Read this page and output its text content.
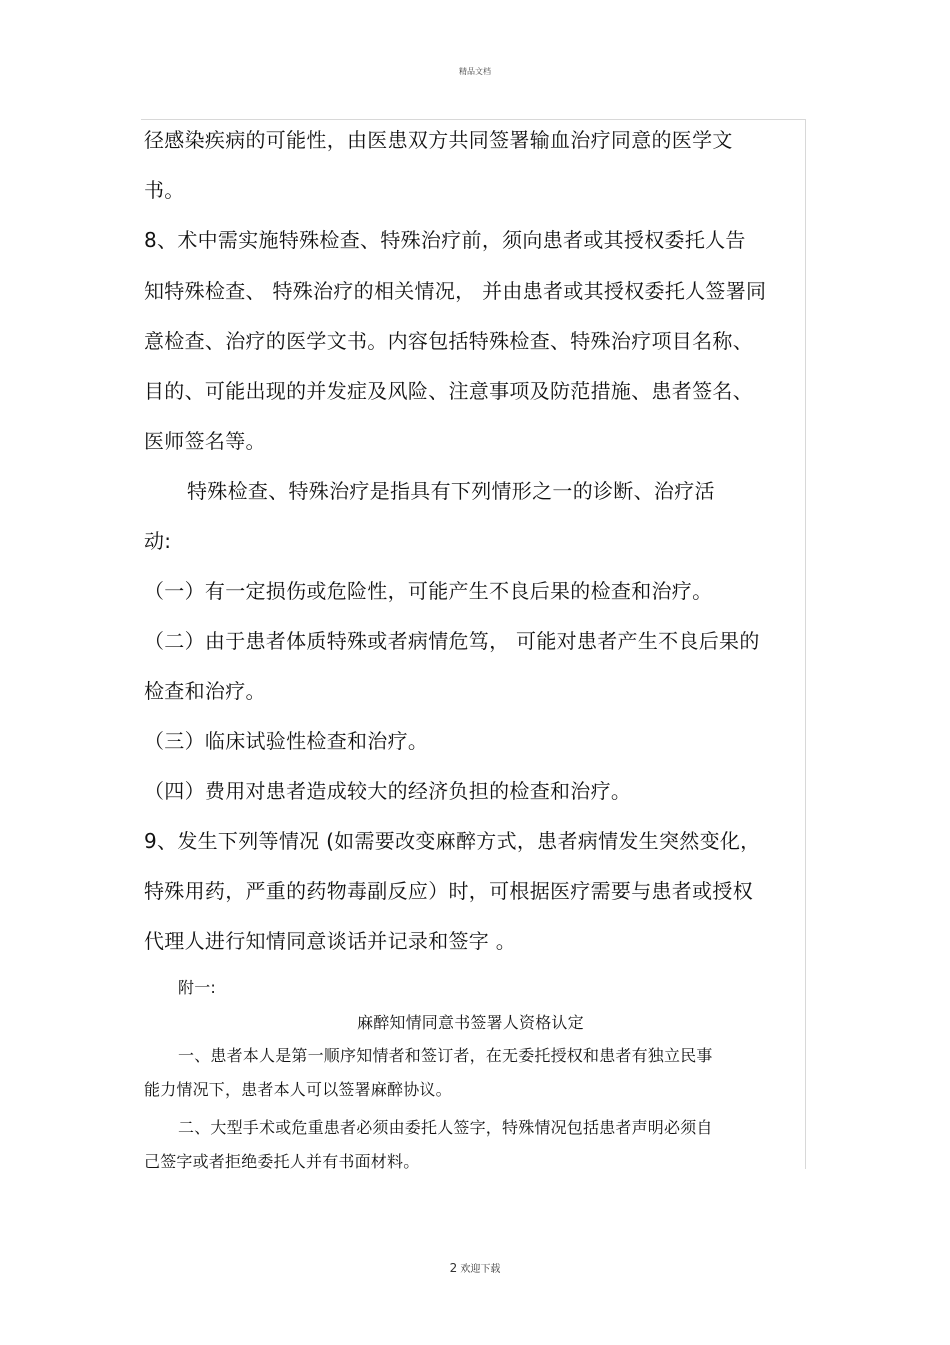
精品文档
径感染疾病的可能性，由医患双方共同签署输血治疗同意的医学文
书。
8、术中需实施特殊检查、特殊治疗前，须向患者或其授权委托人告
知特殊检查、 特殊治疗的相关情况， 并由患者或其授权委托人签署同
意检查、治疗的医学文书。内容包括特殊检查、特殊治疗项目名称、
目的、可能出现的并发症及风险、注意事项及防范措施、患者签名、
医师签名等。
特殊检查、特殊治疗是指具有下列情形之一的诊断、治疗活
动:
（一）有一定损伤或危险性，可能产生不良后果的检查和治疗。
（二）由于患者体质特殊或者病情危笃， 可能对患者产生不良后果的
检查和治疗。
（三）临床试验性检查和治疗。
（四）费用对患者造成较大的经济负担的检查和治疗。
9、发生下列等情况 (如需要改变麻醉方式，患者病情发生突然变化，
特殊用药，严重的药物毒副反应）时，可根据医疗需要与患者或授权
代理人进行知情同意谈话并记录和签字 。
附一:
麻醉知情同意书签署人资格认定
一、患者本人是第一顺序知情者和签订者，在无委托授权和患者有独立民事
能力情况下，患者本人可以签署麻醉协议。
二、大型手术或危重患者必须由委托人签字，特殊情况包括患者声明必须自
己签字或者拒绝委托人并有书面材料。
2 欢迎下载
